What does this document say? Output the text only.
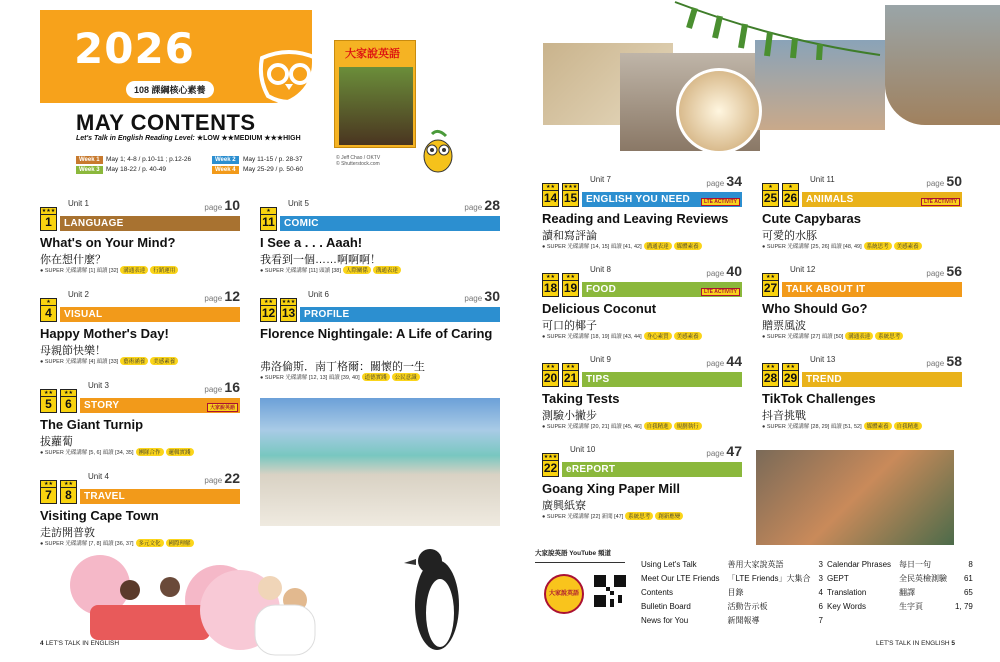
2026
108 課綱核心素養
大家說英語
© Jeff Chao / OKTV
© Shutterstock.com
MAY CONTENTS
Let's Talk in English Reading Level: ★LOW ★★MEDIUM ★★★HIGH
Week 1 May 1; 4-8 / p.10-11 ; p.12-26	Week 2	May 11-15 / p. 28-37
Week 3 May 18-22 / p. 40-49	Week 4	May 25-29 / p. 50-60
★★★
1
Unit 1	page 10
LANGUAGE
What's on Your Mind?
你在想什麼？
● SUPER 光碟講解 [1] 頭讀 [32] 溝通表達 行銷運用
★
4
Unit 2	page 12
VISUAL
Happy Mother's Day!
母親節快樂！
● SUPER 光碟講解 [4] 頭讀 [33] 藝術涵養 美感素養
★★
5
★★
6
Unit 3	page 16
STORY	大家說英語
The Giant Turnip
拔蘿蔔
● SUPER 光碟講解 [5, 6] 頭讀 [34, 35] 團隊合作 邏輯實踐
★★
7
★★
8
Unit 4	page 22
TRAVEL
Visiting Cape Town
走訪開普敦
● SUPER 光碟講解 [7, 8] 頭讀 [36, 37] 多元文化 國際理解
★
11
Unit 5	page 28
COMIC
I See a . . . Aaah!
我看到一個……啊啊啊！
● SUPER 光碟講解 [11] 頭讀 [38] 人際關係 溝通表達
★★
12
★★★
13
Unit 6	page 30
PROFILE
Florence Nightingale: A Life of Caring
弗洛倫斯．南丁格爾：關懷的一生
● SUPER 光碟講解 [12, 13] 頭讀 [39, 40] 道德實踐 公民意識
★★
14
★★★
15
Unit 7	page 34
ENGLISH YOU NEED	LTE ACTIVITY
Reading and Leaving Reviews
讀和寫評論
● SUPER 光碟講解 [14, 15] 頭讀 [41, 42] 溝通表達 媒體素養
★★
18
★★
19
Unit 8	page 40
FOOD	LTE ACTIVITY
Delicious Coconut
可口的椰子
● SUPER 光碟講解 [18, 19] 頭讀 [43, 44] 身心素質 美感素養
★★
20
★★
21
Unit 9	page 44
TIPS
Taking Tests
測驗小撇步
● SUPER 光碟講解 [20, 21] 頭讀 [45, 46] 自我精進 規劃執行
★★★
22
Unit 10	page 47
eREPORT
Goang Xing Paper Mill
廣興紙寮
● SUPER 光碟講解 [22] 新聞 [47] 系統思考 創新應變
★
25
★
26
Unit 11	page 50
ANIMALS	LTE ACTIVITY
Cute Capybaras
可愛的水豚
● SUPER 光碟講解 [25, 26] 頭讀 [48, 49] 系統思考 美感素養
★★
27
Unit 12	page 56
TALK ABOUT IT
Who Should Go?
贈票風波
● SUPER 光碟講解 [27] 頭讀 [50] 溝通表達 系統思考
★★
28
★★
29
Unit 13	page 58
TREND
TikTok Challenges
抖音挑戰
● SUPER 光碟講解 [28, 29] 頭讀 [51, 52] 媒體素養 自我精進
大家說英語 YouTube 頻道
大家說英語
Using Let's Talk	善用大家說英語	3
Meet Our LTE Friends	「LTE Friends」大集合	3
Contents	目錄	4
Bulletin Board	活動告示板	6
News for You	新聞報導	7
Calendar Phrases	每日一句	8
GEPT	全民英檢測驗	61
Translation	翻譯	65
Key Words	生字頁	1, 79
4 LET'S TALK IN ENGLISH	LET'S TALK IN ENGLISH 5
